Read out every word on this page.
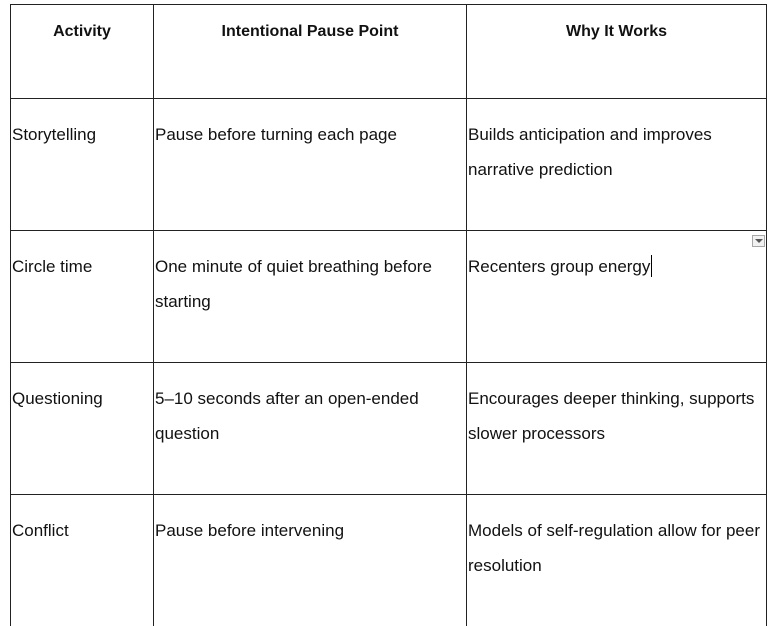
Activity	Intentional Pause Point	Why It Works
Storytelling	Pause before turning each page	Builds anticipation and improves narrative prediction
Circle time	One minute of quiet breathing before starting	Recenters group energy

Questioning	5–10 seconds after an open-ended question	Encourages deeper thinking, supports slower processors
Conflict	Pause before intervening	Models of self-regulation allow for peer resolution
